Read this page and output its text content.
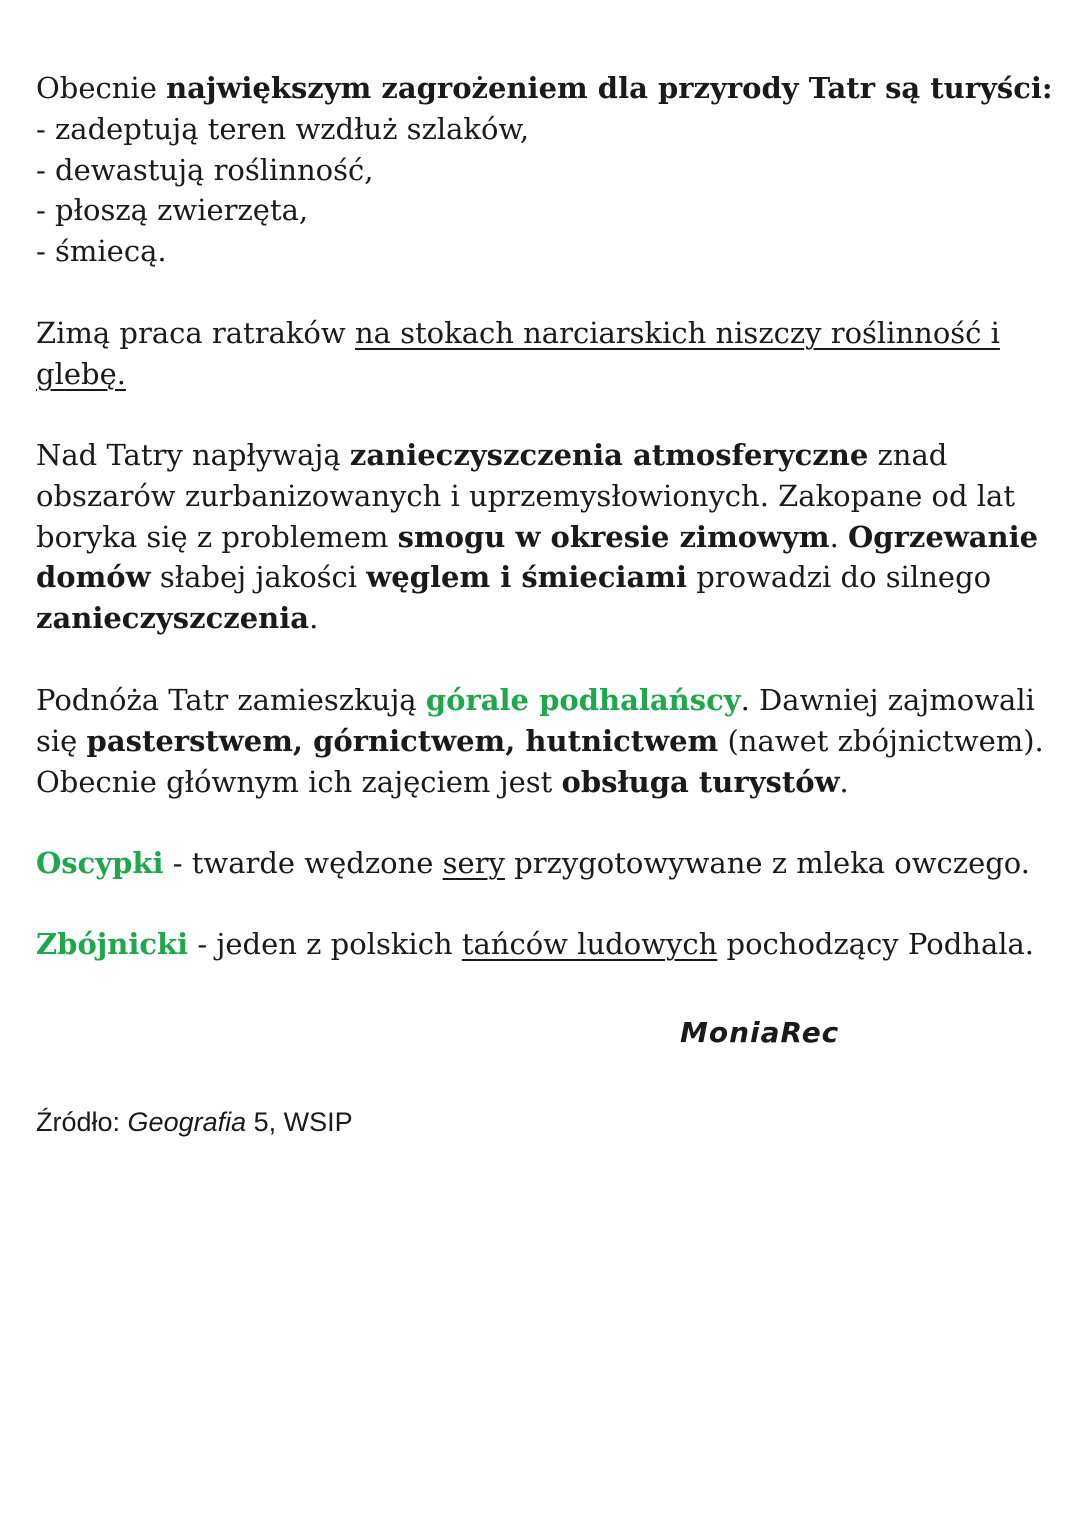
Obecnie największym zagrożeniem dla przyrody Tatr są turyści:
- zadeptują teren wzdłuż szlaków,
- dewastują roślinność,
- płoszą zwierzęta,
- śmiecą.
Zimą praca ratraków na stokach narciarskich niszczy roślinność i
glebę.
Nad Tatry napływają zanieczyszczenia atmosferyczne znad
obszarów zurbanizowanych i uprzemysłowionych. Zakopane od lat
boryka się z problemem smogu w okresie zimowym. Ogrzewanie
domów słabej jakości węglem i śmieciami prowadzi do silnego
zanieczyszczenia.
Podnóża Tatr zamieszkują górale podhalańscy. Dawniej zajmowali
się pasterstwem, górnictwem, hutnictwem (nawet zbójnictwem).
Obecnie głównym ich zajęciem jest obsługa turystów.
Oscypki - twarde wędzone sery przygotowywane z mleka owczego.
Zbójnicki - jeden z polskich tańców ludowych pochodzący Podhala.
MoniaRec
Źródło: Geografia 5, WSIP
